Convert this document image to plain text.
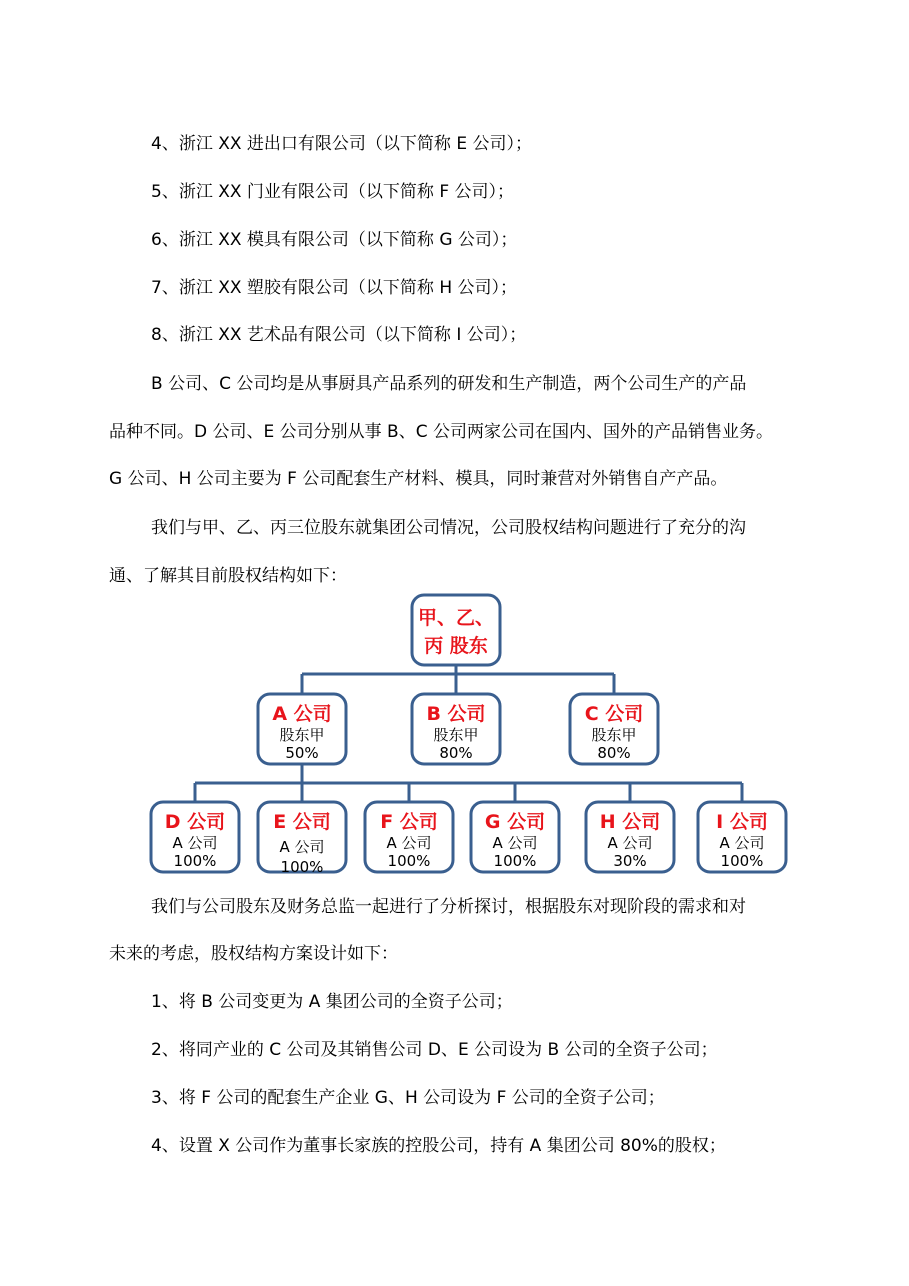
4、浙江 XX 进出口有限公司（以下简称 E 公司）；
5、浙江 XX 门业有限公司（以下简称 F 公司）；
6、浙江 XX 模具有限公司（以下简称 G 公司）；
7、浙江 XX 塑胶有限公司（以下简称 H 公司）；
8、浙江 XX 艺术品有限公司（以下简称 I 公司）；
B 公司、C 公司均是从事厨具产品系列的研发和生产制造，两个公司生产的产品
品种不同。D 公司、E 公司分别从事 B、C 公司两家公司在国内、国外的产品销售业务。
G 公司、H 公司主要为 F 公司配套生产材料、模具，同时兼营对外销售自产产品。
我们与甲、乙、丙三位股东就集团公司情况，公司股权结构问题进行了充分的沟
通、了解其目前股权结构如下：
甲、乙、
丙 股东
A 公司
股东甲
50%
B 公司
股东甲
80%
C 公司
股东甲
80%
D 公司
A 公司
100%
E 公司
A 公司
100%
F 公司
A 公司
100%
G 公司
A 公司
100%
H 公司
A 公司
30%
I 公司
A 公司
100%
我们与公司股东及财务总监一起进行了分析探讨，根据股东对现阶段的需求和对
未来的考虑，股权结构方案设计如下：
1、将 B 公司变更为 A 集团公司的全资子公司；
2、将同产业的 C 公司及其销售公司 D、E 公司设为 B 公司的全资子公司；
3、将 F 公司的配套生产企业 G、H 公司设为 F 公司的全资子公司；
4、设置 X 公司作为董事长家族的控股公司，持有 A 集团公司 80%的股权；
